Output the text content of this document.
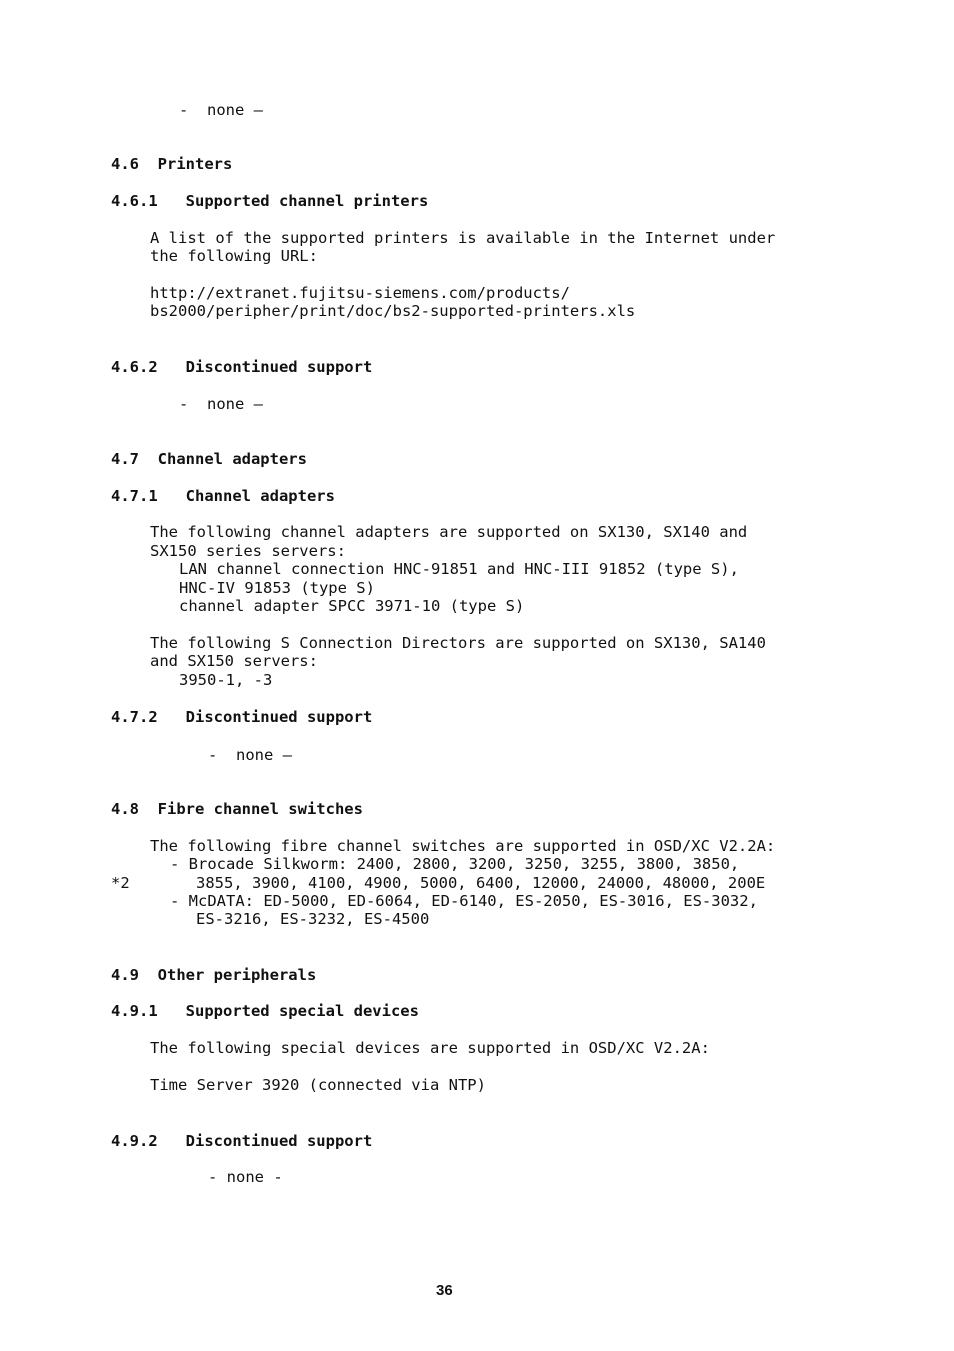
-  none –
4.6  Printers
4.6.1   Supported channel printers
A list of the supported printers is available in the Internet under
the following URL:
http://extranet.fujitsu-siemens.com/products/
bs2000/peripher/print/doc/bs2-supported-printers.xls
4.6.2   Discontinued support
-  none –
4.7  Channel adapters
4.7.1   Channel adapters
The following channel adapters are supported on SX130, SX140 and
SX150 series servers:
LAN channel connection HNC-91851 and HNC-III 91852 (type S),
HNC-IV 91853 (type S)
channel adapter SPCC 3971-10 (type S)
The following S Connection Directors are supported on SX130, SA140
and SX150 servers:
3950-1, -3
4.7.2   Discontinued support
-  none –
4.8  Fibre channel switches
The following fibre channel switches are supported in OSD/XC V2.2A:
- Brocade Silkworm: 2400, 2800, 3200, 3250, 3255, 3800, 3850,
*2	3855, 3900, 4100, 4900, 5000, 6400, 12000, 24000, 48000, 200E
- McDATA: ED-5000, ED-6064, ED-6140, ES-2050, ES-3016, ES-3032,
ES-3216, ES-3232, ES-4500
4.9  Other peripherals
4.9.1   Supported special devices
The following special devices are supported in OSD/XC V2.2A:
Time Server 3920 (connected via NTP)
4.9.2   Discontinued support
- none -
36
